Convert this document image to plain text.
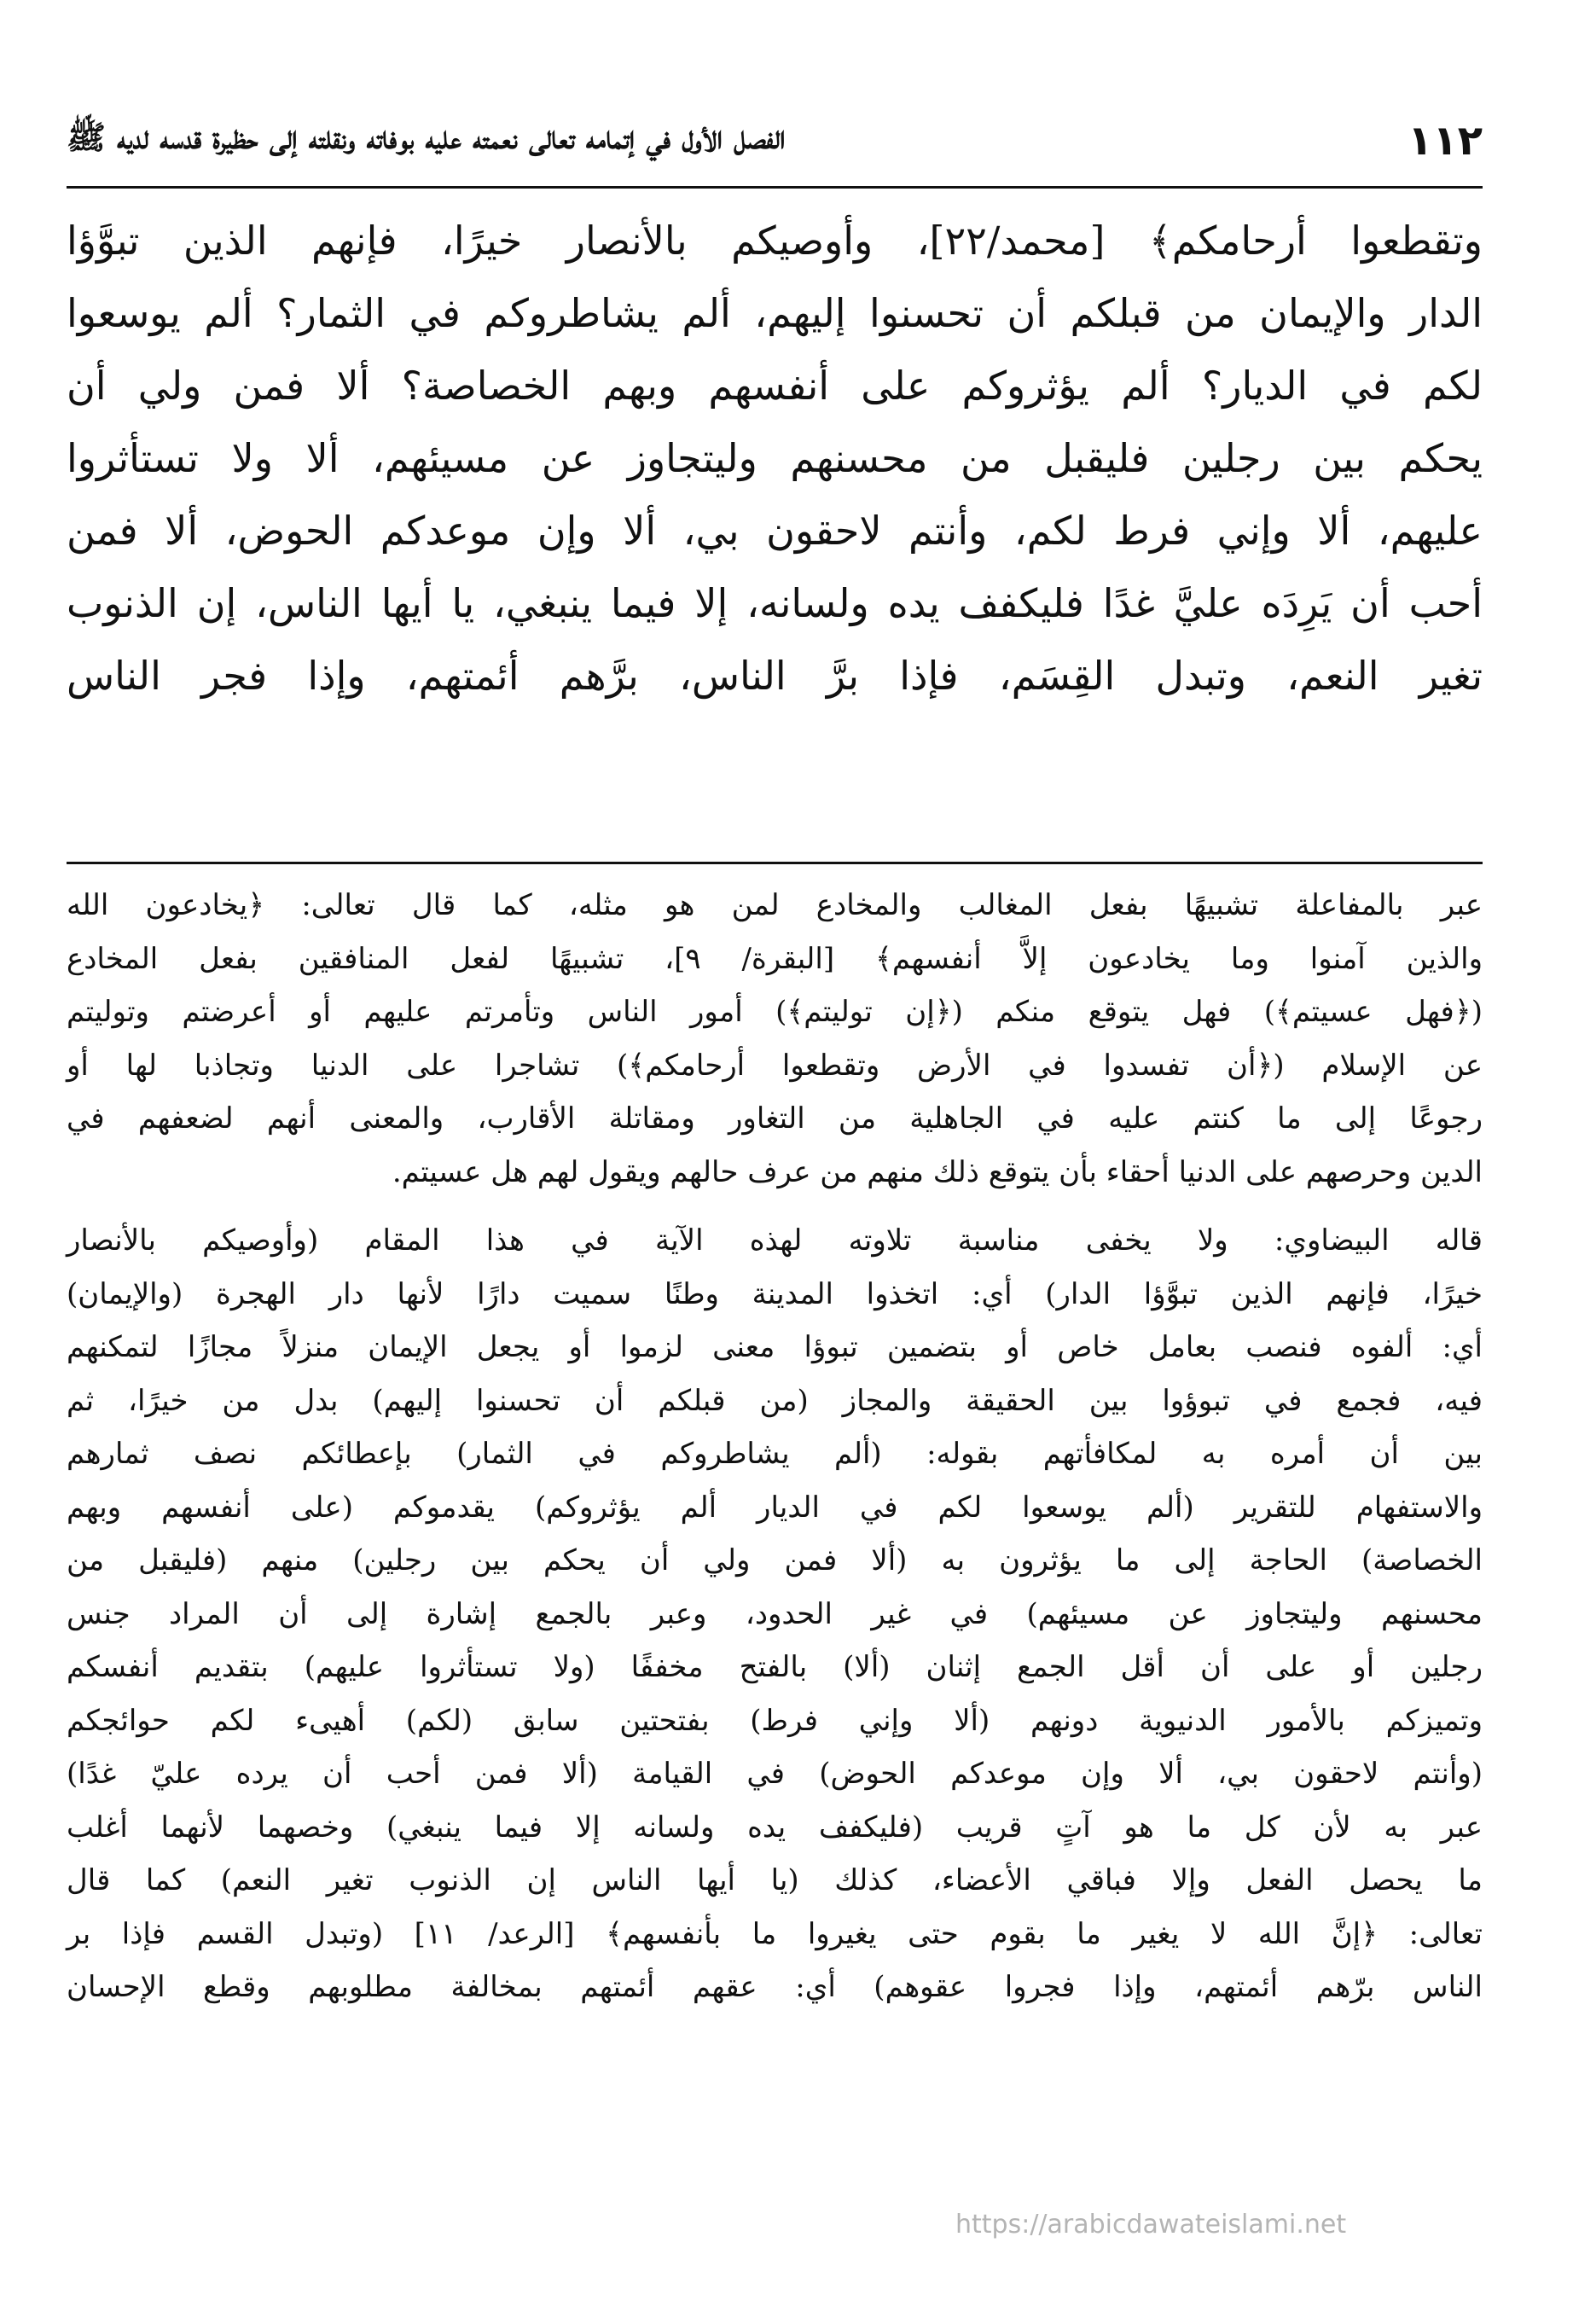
١١٢
الفصل الأول في إتمامه تعالى نعمته عليه بوفاته ونقلته إلى حظيرة قدسه لديه ﷺ
وتقطعوا أرحامكم﴾ [محمد/٢٢]، وأوصيكم بالأنصار خيرًا، فإنهم الذين تبوَّؤا
الدار والإيمان من قبلكم أن تحسنوا إليهم، ألم يشاطروكم في الثمار؟ ألم يوسعوا
لكم في الديار؟ ألم يؤثروكم على أنفسهم وبهم الخصاصة؟ ألا فمن ولي أن
يحكم بين رجلين فليقبل من محسنهم وليتجاوز عن مسيئهم، ألا ولا تستأثروا
عليهم، ألا وإني فرط لكم، وأنتم لاحقون بي، ألا وإن موعدكم الحوض، ألا فمن
أحب أن يَرِدَه عليَّ غدًا فليكفف يده ولسانه، إلا فيما ينبغي، يا أيها الناس، إن الذنوب
تغير النعم، وتبدل القِسَم، فإذا برَّ الناس، برَّهم أئمتهم، وإذا فجر الناس
عبر بالمفاعلة تشبيهًا بفعل المغالب والمخادع لمن هو مثله، كما قال تعالى: ﴿يخادعون الله
والذين آمنوا وما يخادعون إلاَّ أنفسهم﴾ [البقرة/ ٩]، تشبيهًا لفعل المنافقين بفعل المخادع
(﴿فهل عسيتم﴾) فهل يتوقع منكم (﴿إن توليتم﴾) أمور الناس وتأمرتم عليهم أو أعرضتم وتوليتم
عن الإسلام (﴿أن تفسدوا في الأرض وتقطعوا أرحامكم﴾) تشاجرا على الدنيا وتجاذبا لها أو
رجوعًا إلى ما كنتم عليه في الجاهلية من التغاور ومقاتلة الأقارب، والمعنى أنهم لضعفهم في
الدين وحرصهم على الدنيا أحقاء بأن يتوقع ذلك منهم من عرف حالهم ويقول لهم هل عسيتم.
قاله البيضاوي: ولا يخفى مناسبة تلاوته لهذه الآية في هذا المقام (وأوصيكم بالأنصار
خيرًا، فإنهم الذين تبوَّؤا الدار) أي: اتخذوا المدينة وطنًا سميت دارًا لأنها دار الهجرة (والإيمان)
أي: ألفوه فنصب بعامل خاص أو بتضمين تبوؤا معنى لزموا أو يجعل الإيمان منزلاً مجازًا لتمكنهم
فيه، فجمع في تبوؤوا بين الحقيقة والمجاز (من قبلكم أن تحسنوا إليهم) بدل من خيرًا، ثم
بين أن أمره به لمكافأتهم بقوله: (ألم يشاطروكم في الثمار) بإعطائكم نصف ثمارهم
والاستفهام للتقرير (ألم يوسعوا لكم في الديار ألم يؤثروكم) يقدموكم (على أنفسهم وبهم
الخصاصة) الحاجة إلى ما يؤثرون به (ألا فمن ولي أن يحكم بين رجلين) منهم (فليقبل من
محسنهم وليتجاوز عن مسيئهم) في غير الحدود، وعبر بالجمع إشارة إلى أن المراد جنس
رجلين أو على أن أقل الجمع إثنان (ألا) بالفتح مخففًا (ولا تستأثروا عليهم) بتقديم أنفسكم
وتميزكم بالأمور الدنيوية دونهم (ألا وإني فرط) بفتحتين سابق (لكم) أهيىء لكم حوائجكم
(وأنتم لاحقون بي، ألا وإن موعدكم الحوض) في القيامة (ألا فمن أحب أن يرده عليّ غدًا)
عبر به لأن كل ما هو آتٍ قريب (فليكفف يده ولسانه إلا فيما ينبغي) وخصهما لأنهما أغلب
ما يحصل الفعل وإلا فباقي الأعضاء، كذلك (يا أيها الناس إن الذنوب تغير النعم) كما قال
تعالى: ﴿إنَّ الله لا يغير ما بقوم حتى يغيروا ما بأنفسهم﴾ [الرعد/ ١١] (وتبدل القسم فإذا بر
الناس برّهم أئمتهم، وإذا فجروا عقوهم) أي: عقهم أئمتهم بمخالفة مطلوبهم وقطع الإحسان
https://arabicdawateislami.net
